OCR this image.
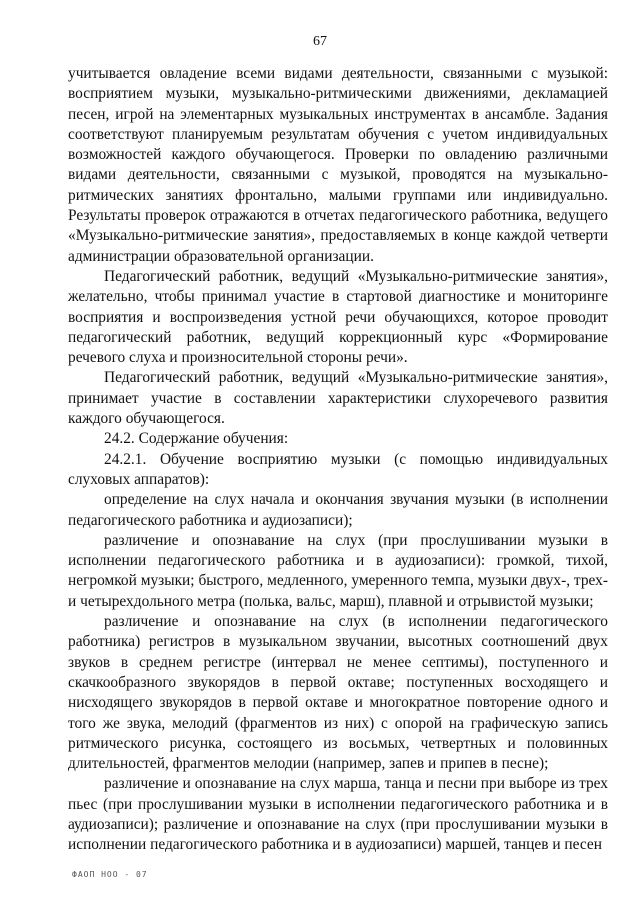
67

учитывается овладение всеми видами деятельности, связанными с музыкой: восприятием музыки, музыкально-ритмическими движениями, декламацией песен, игрой на элементарных музыкальных инструментах в ансамбле. Задания соответствуют планируемым результатам обучения с учетом индивидуальных возможностей каждого обучающегося. Проверки по овладению различными видами деятельности, связанными с музыкой, проводятся на музыкально-ритмических занятиях фронтально, малыми группами или индивидуально. Результаты проверок отражаются в отчетах педагогического работника, ведущего «Музыкально-ритмические занятия», предоставляемых в конце каждой четверти администрации образовательной организации.

Педагогический работник, ведущий «Музыкально-ритмические занятия», желательно, чтобы принимал участие в стартовой диагностике и мониторинге восприятия и воспроизведения устной речи обучающихся, которое проводит педагогический работник, ведущий коррекционный курс «Формирование речевого слуха и произносительной стороны речи».

Педагогический работник, ведущий «Музыкально-ритмические занятия», принимает участие в составлении характеристики слухоречевого развития каждого обучающегося.

24.2. Содержание обучения:

24.2.1. Обучение восприятию музыки (с помощью индивидуальных слуховых аппаратов):

определение на слух начала и окончания звучания музыки (в исполнении педагогического работника и аудиозаписи);

различение и опознавание на слух (при прослушивании музыки в исполнении педагогического работника и в аудиозаписи): громкой, тихой, негромкой музыки; быстрого, медленного, умеренного темпа, музыки двух-, трех- и четырехдольного метра (полька, вальс, марш), плавной и отрывистой музыки;

различение и опознавание на слух (в исполнении педагогического работника) регистров в музыкальном звучании, высотных соотношений двух звуков в среднем регистре (интервал не менее септимы), поступенного и скачкообразного звукорядов в первой октаве; поступенных восходящего и нисходящего звукорядов в первой октаве и многократное повторение одного и того же звука, мелодий (фрагментов из них) с опорой на графическую запись ритмического рисунка, состоящего из восьмых, четвертных и половинных длительностей, фрагментов мелодии (например, запев и припев в песне);

различение и опознавание на слух марша, танца и песни при выборе из трех пьес (при прослушивании музыки в исполнении педагогического работника и в аудиозаписи); различение и опознавание на слух (при прослушивании музыки в исполнении педагогического работника и в аудиозаписи) маршей, танцев и песен

ФАОП НОО - 07
